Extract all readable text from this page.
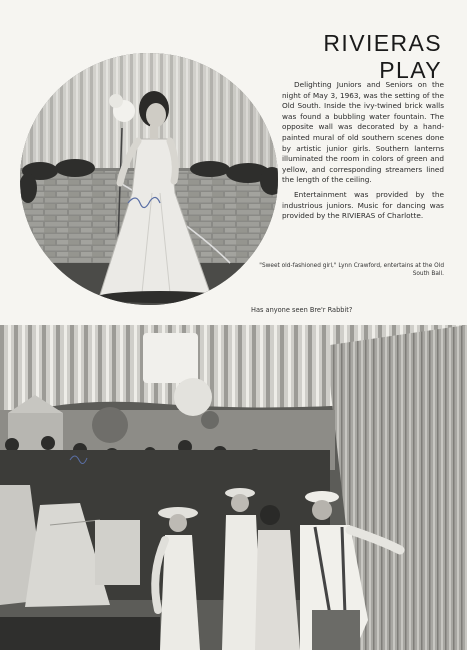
RIVIERAS PLAY

Delighting Juniors and Seniors on the night of May 3, 1963, was the setting of the Old South. Inside the ivy-twined brick walls was found a bubbling water fountain. The opposite wall was decorated by a hand-painted mural of old southern scenes done by artistic junior girls. Southern lanterns illuminated the room in colors of green and yellow, and corresponding streamers lined the length of the ceiling.

Entertainment was provided by the industrious juniors. Music for dancing was provided by the RIVIERAS of Charlotte.

"Sweet old-fashioned girl," Lynn Crawford, entertains at the Old South Ball.
Has anyone seen Bre'r Rabbit?
